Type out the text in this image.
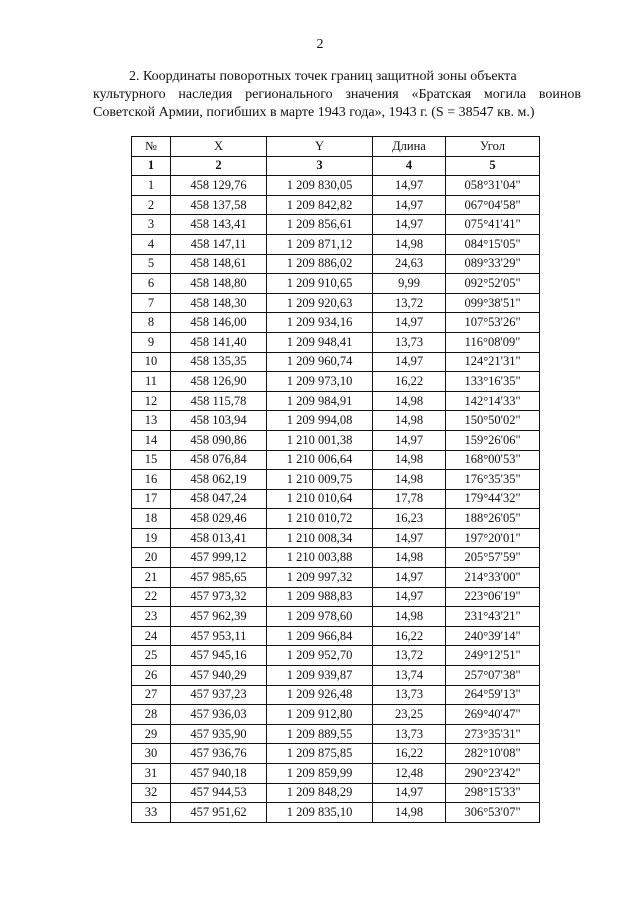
2

2. Координаты поворотных точек границ защитной зоны объекта

культурного наследия регионального значения «Братская могила воинов Советской Армии, погибших в марте 1943 года», 1943 г. (S = 38547 кв. м.)

№	X	Y	Длина	Угол
1	2	3	4	5
1	458 129,76	1 209 830,05	14,97	058°31'04"
2	458 137,58	1 209 842,82	14,97	067°04'58"
3	458 143,41	1 209 856,61	14,97	075°41'41"
4	458 147,11	1 209 871,12	14,98	084°15'05"
5	458 148,61	1 209 886,02	24,63	089°33'29"
6	458 148,80	1 209 910,65	9,99	092°52'05"
7	458 148,30	1 209 920,63	13,72	099°38'51"
8	458 146,00	1 209 934,16	14,97	107°53'26"
9	458 141,40	1 209 948,41	13,73	116°08'09"
10	458 135,35	1 209 960,74	14,97	124°21'31"
11	458 126,90	1 209 973,10	16,22	133°16'35"
12	458 115,78	1 209 984,91	14,98	142°14'33"
13	458 103,94	1 209 994,08	14,98	150°50'02"
14	458 090,86	1 210 001,38	14,97	159°26'06"
15	458 076,84	1 210 006,64	14,98	168°00'53"
16	458 062,19	1 210 009,75	14,98	176°35'35"
17	458 047,24	1 210 010,64	17,78	179°44'32"
18	458 029,46	1 210 010,72	16,23	188°26'05"
19	458 013,41	1 210 008,34	14,97	197°20'01"
20	457 999,12	1 210 003,88	14,98	205°57'59"
21	457 985,65	1 209 997,32	14,97	214°33'00"
22	457 973,32	1 209 988,83	14,97	223°06'19"
23	457 962,39	1 209 978,60	14,98	231°43'21"
24	457 953,11	1 209 966,84	16,22	240°39'14"
25	457 945,16	1 209 952,70	13,72	249°12'51"
26	457 940,29	1 209 939,87	13,74	257°07'38"
27	457 937,23	1 209 926,48	13,73	264°59'13"
28	457 936,03	1 209 912,80	23,25	269°40'47"
29	457 935,90	1 209 889,55	13,73	273°35'31"
30	457 936,76	1 209 875,85	16,22	282°10'08"
31	457 940,18	1 209 859,99	12,48	290°23'42"
32	457 944,53	1 209 848,29	14,97	298°15'33"
33	457 951,62	1 209 835,10	14,98	306°53'07"
